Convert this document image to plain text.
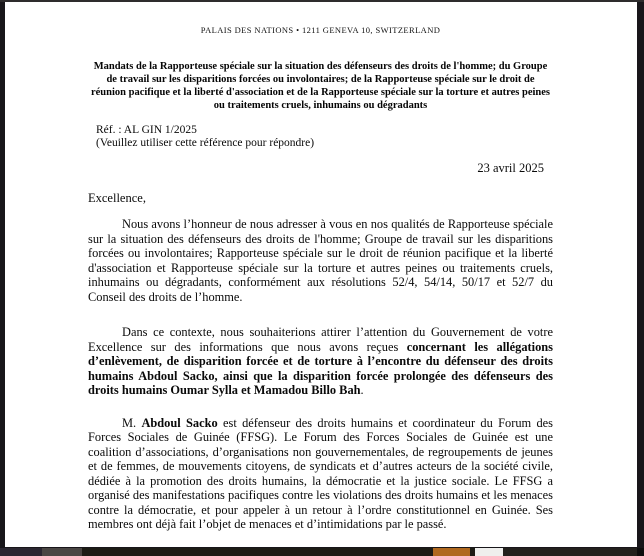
PALAIS DES NATIONS • 1211 GENEVA 10, SWITZERLAND
Mandats de la Rapporteuse spéciale sur la situation des défenseurs des droits de l'homme; du Groupe de travail sur les disparitions forcées ou involontaires; de la Rapporteuse spéciale sur le droit de réunion pacifique et la liberté d'association et de la Rapporteuse spéciale sur la torture et autres peines ou traitements cruels, inhumains ou dégradants
Réf. : AL GIN 1/2025
(Veuillez utiliser cette référence pour répondre)
23 avril 2025
Excellence,

Nous avons l’honneur de nous adresser à vous en nos qualités de Rapporteuse spéciale sur la situation des défenseurs des droits de l'homme; Groupe de travail sur les disparitions forcées ou involontaires; Rapporteuse spéciale sur le droit de réunion pacifique et la liberté d'association et Rapporteuse spéciale sur la torture et autres peines ou traitements cruels, inhumains ou dégradants, conformément aux résolutions 52/4, 54/14, 50/17 et 52/7 du Conseil des droits de l’homme.

Dans ce contexte, nous souhaiterions attirer l’attention du Gouvernement de votre Excellence sur des informations que nous avons reçues concernant les allégations d’enlèvement, de disparition forcée et de torture à l’encontre du défenseur des droits humains Abdoul Sacko, ainsi que la disparition forcée prolongée des défenseurs des droits humains Oumar Sylla et Mamadou Billo Bah.

M. Abdoul Sacko est défenseur des droits humains et coordinateur du Forum des Forces Sociales de Guinée (FFSG). Le Forum des Forces Sociales de Guinée est une coalition d’associations, d’organisations non gouvernementales, de regroupements de jeunes et de femmes, de mouvements citoyens, de syndicats et d’autres acteurs de la société civile, dédiée à la promotion des droits humains, la démocratie et la justice sociale. Le FFSG a organisé des manifestations pacifiques contre les violations des droits humains et les menaces contre la démocratie, et pour appeler à un retour à l’ordre constitutionnel en Guinée. Ses membres ont déjà fait l’objet de menaces et d’intimidations par le passé.
